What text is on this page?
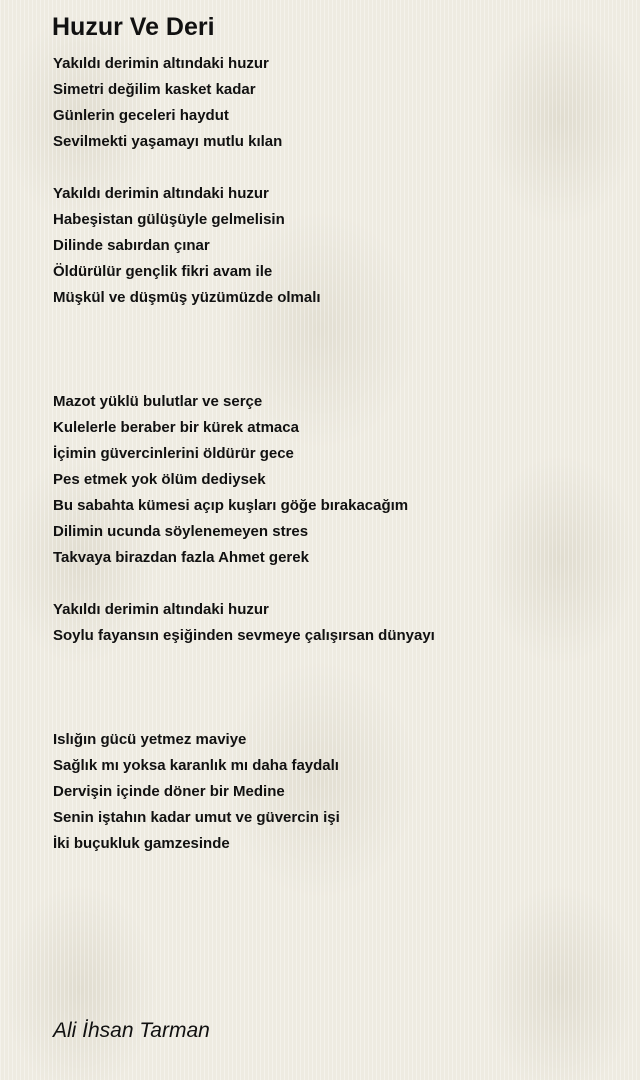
Huzur Ve Deri
Yakıldı derimin altındaki huzur
Simetri değilim kasket kadar
Günlerin geceleri haydut
Sevilmekti yaşamayı mutlu kılan
Yakıldı derimin altındaki huzur
Habeşistan gülüşüyle gelmelisin
Dilinde sabırdan çınar
Öldürülür gençlik fikri avam ile
Müşkül ve düşmüş yüzümüzde olmalı
Mazot yüklü bulutlar ve serçe
Kulelerle beraber bir kürek atmaca
İçimin güvercinlerini öldürür gece
Pes etmek yok ölüm dediysek
Bu sabahta kümesi açıp kuşları göğe bırakacağım
Dilimin ucunda söylenemeyen stres
Takvaya birazdan fazla Ahmet gerek
Yakıldı derimin altındaki huzur
Soylu fayansın eşiğinden sevmeye çalışırsan dünyayı
Islığın gücü yetmez maviye
Sağlık mı yoksa karanlık mı daha faydalı
Dervişin içinde döner bir Medine
Senin iştahın kadar umut ve güvercin işi
İki buçukluk gamzesinde
Ali İhsan Tarman
